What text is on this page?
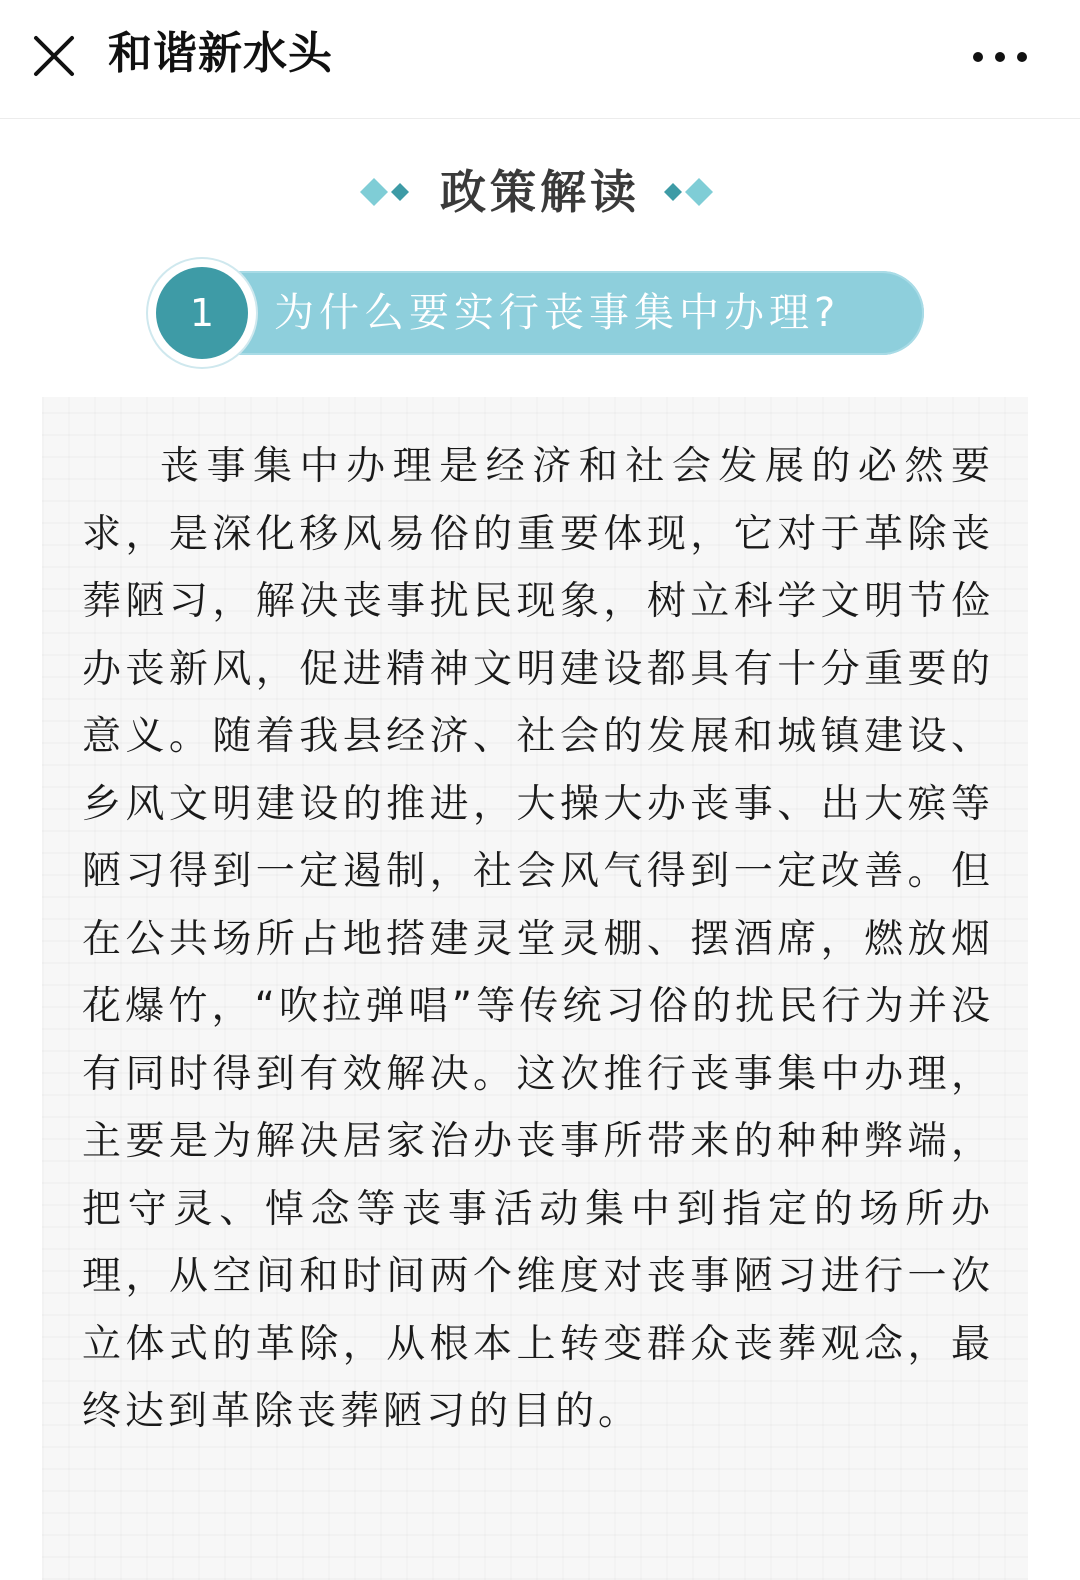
和谐新水头
政策解读
1	为什么要实行丧事集中办理?

丧事集中办理是经济和社会发展的必然要求，是深化移风易俗的重要体现，它对于革除丧葬陋习，解决丧事扰民现象，树立科学文明节俭办丧新风，促进精神文明建设都具有十分重要的意义。随着我县经济、社会的发展和城镇建设、乡风文明建设的推进，大操大办丧事、出大殡等陋习得到一定遏制，社会风气得到一定改善。但在公共场所占地搭建灵堂灵棚、摆酒席，燃放烟花爆竹，“吹拉弹唱”等传统习俗的扰民行为并没有同时得到有效解决。这次推行丧事集中办理，主要是为解决居家治办丧事所带来的种种弊端，把守灵、悼念等丧事活动集中到指定的场所办理，从空间和时间两个维度对丧事陋习进行一次立体式的革除，从根本上转变群众丧葬观念，最终达到革除丧葬陋习的目的。
